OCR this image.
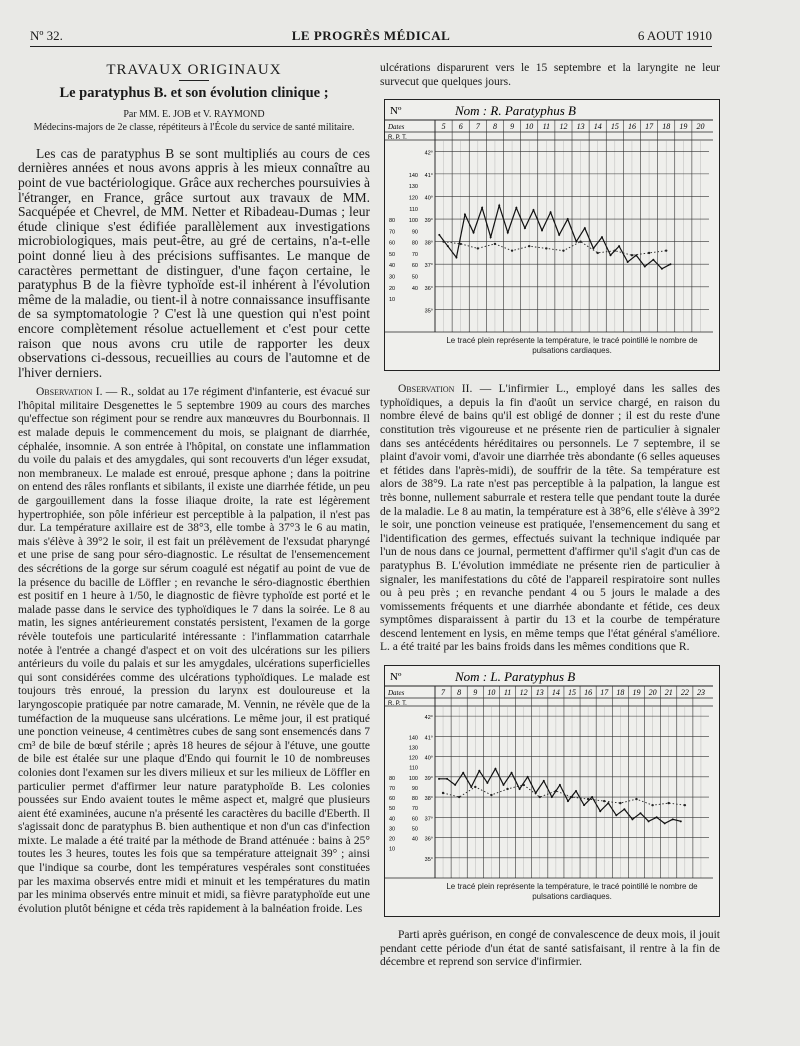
Nº 32.	LE PROGRÈS MÉDICAL	6 AOUT 1910
TRAVAUX ORIGINAUX
Le paratyphus B. et son évolution clinique ;
Par MM. E. JOB et V. RAYMOND
Médecins-majors de 2e classe, répétiteurs à l'École du service de santé militaire.

Les cas de paratyphus B se sont multipliés au cours de ces dernières années et nous avons appris à les mieux connaître au point de vue bactériologique. Grâce aux recherches poursuivies à l'étranger, en France, grâce surtout aux travaux de MM. Sacquépée et Chevrel, de MM. Netter et Ribadeau-Dumas ; leur étude clinique s'est édifiée parallèlement aux investigations microbiologiques, mais peut-être, au gré de certains, n'a-t-elle point donné lieu à des précisions suffisantes. Le manque de caractères permettant de distinguer, d'une façon certaine, le paratyphus B de la fièvre typhoïde est-il inhérent à l'évolution même de la maladie, ou tient-il à notre connaissance insuffisante de sa symptomatologie ? C'est là une question qui n'est point encore complètement résolue actuellement et c'est pour cette raison que nous avons cru utile de rapporter les deux observations ci-dessous, recueillies au cours de l'automne et de l'hiver derniers.

Observation I. — R., soldat au 17e régiment d'infanterie, est évacué sur l'hôpital militaire Desgenettes le 5 septembre 1909 au cours des marches qu'effectue son régiment pour se rendre aux manœuvres du Bourbonnais. Il est malade depuis le commencement du mois, se plaignant de diarrhée, céphalée, insomnie. A son entrée à l'hôpital, on constate une inflammation du voile du palais et des amygdales, qui sont recouverts d'un léger exsudat, non membraneux. Le malade est enroué, presque aphone ; dans la poitrine on entend des râles ronflants et sibilants, il existe une diarrhée fétide, un peu de gargouillement dans la fosse iliaque droite, la rate est légèrement hypertrophiée, son pôle inférieur est perceptible à la palpation, il n'est pas dur. La température axillaire est de 38°3, elle tombe à 37°3 le 6 au matin, mais s'élève à 39°2 le soir, il est fait un prélèvement de l'exsudat pharyngé et une prise de sang pour séro-diagnostic. Le résultat de l'ensemencement des sécrétions de la gorge sur sérum coagulé est négatif au point de vue de la présence du bacille de Löffler ; en revanche le séro-diagnostic éberthien est positif en 1 heure à 1/50, le diagnostic de fièvre typhoïde est porté et le malade passe dans le service des typhoïdiques le 7 dans la soirée. Le 8 au matin, les signes antérieurement constatés persistent, l'examen de la gorge révèle toutefois une particularité intéressante : l'inflammation catarrhale notée à l'entrée a changé d'aspect et on voit des ulcérations sur les piliers antérieurs du voile du palais et sur les amygdales, ulcérations superficielles qui sont considérées comme des ulcérations typhoïdiques. Le malade est toujours très enroué, la pression du larynx est douloureuse et la laryngoscopie pratiquée par notre camarade, M. Vennin, ne révèle que de la tuméfaction de la muqueuse sans ulcérations. Le même jour, il est pratiqué une ponction veineuse, 4 centimètres cubes de sang sont ensemencés dans 7 cm³ de bile de bœuf stérile ; après 18 heures de séjour à l'étuve, une goutte de bile est étalée sur une plaque d'Endo qui fournit le 10 de nombreuses colonies dont l'examen sur les divers milieux et sur les milieux de Löffler en particulier permet d'affirmer leur nature paratyphoïde B. Les colonies poussées sur Endo avaient toutes le même aspect et, malgré que plusieurs aient été examinées, aucune n'a présenté les caractères du bacille d'Eberth. Il s'agissait donc de paratyphus B. bien authentique et non d'un cas d'infection mixte. Le malade a été traité par la méthode de Brand atténuée : bains à 25° toutes les 3 heures, toutes les fois que sa température atteignait 39° ; ainsi que l'indique sa courbe, dont les températures vespérales sont constituées par les maxima observés entre midi et minuit et les températures du matin par les minima observés entre minuit et midi, sa fièvre paratyphoïde eut une évolution plutôt bénigne et céda très rapidement à la balnéation froide. Les

ulcérations disparurent vers le 15 septembre et la laryngite ne leur survecut que quelques jours.

Nº	Nom : R. Paratyphus B
Dates
R. P. T.
5 6 7 8 9 10 11 12 13 14 15 16 17 18 19 20
42°
41°
40°
39°
38°
37°
36°
35°
140
130
120
110
100
90
80
70
60
50
40
80
70
60
50
40
30
20
10
Le tracé plein représente la température, le tracé pointillé le nombre de pulsations cardiaques.

Observation II. — L'infirmier L., employé dans les salles des typhoïdiques, a depuis la fin d'août un service chargé, en raison du nombre élevé de bains qu'il est obligé de donner ; il est du reste d'une constitution très vigoureuse et ne présente rien de particulier à signaler dans ses antécédents héréditaires ou personnels. Le 7 septembre, il se plaint d'avoir vomi, d'avoir une diarrhée très abondante (6 selles aqueuses et fétides dans l'après-midi), de souffrir de la tête. Sa température est alors de 38°9. La rate n'est pas perceptible à la palpation, la langue est très bonne, nullement saburrale et restera telle que pendant toute la durée de la maladie. Le 8 au matin, la température est à 38°6, elle s'élève à 39°2 le soir, une ponction veineuse est pratiquée, l'ensemencement du sang et l'identification des germes, effectués suivant la technique indiquée par l'un de nous dans ce journal, permettent d'affirmer qu'il s'agit d'un cas de paratyphus B. L'évolution immédiate ne présente rien de particulier à signaler, les manifestations du côté de l'appareil respiratoire sont nulles ou à peu près ; en revanche pendant 4 ou 5 jours le malade a des vomissements fréquents et une diarrhée abondante et fétide, ces deux symptômes disparaissent à partir du 13 et la courbe de température descend lentement en lysis, en même temps que l'état général s'améliore. L. a été traité par les bains froids dans les mêmes conditions que R.

Nº	Nom : L. Paratyphus B
Dates
R. P. T.
7 8 9 10 11 12 13 14 15 16 17 18 19 20 21 22 23
42°
41°
40°
39°
38°
37°
36°
35°
140
130
120
110
100
90
80
70
60
50
40
80
70
60
50
40
30
20
10
Le tracé plein représente la température, le tracé pointillé le nombre de pulsations cardiaques.

Parti après guérison, en congé de convalescence de deux mois, il jouit pendant cette période d'un état de santé satisfaisant, il rentre à la fin de décembre et reprend son service d'infirmier.
